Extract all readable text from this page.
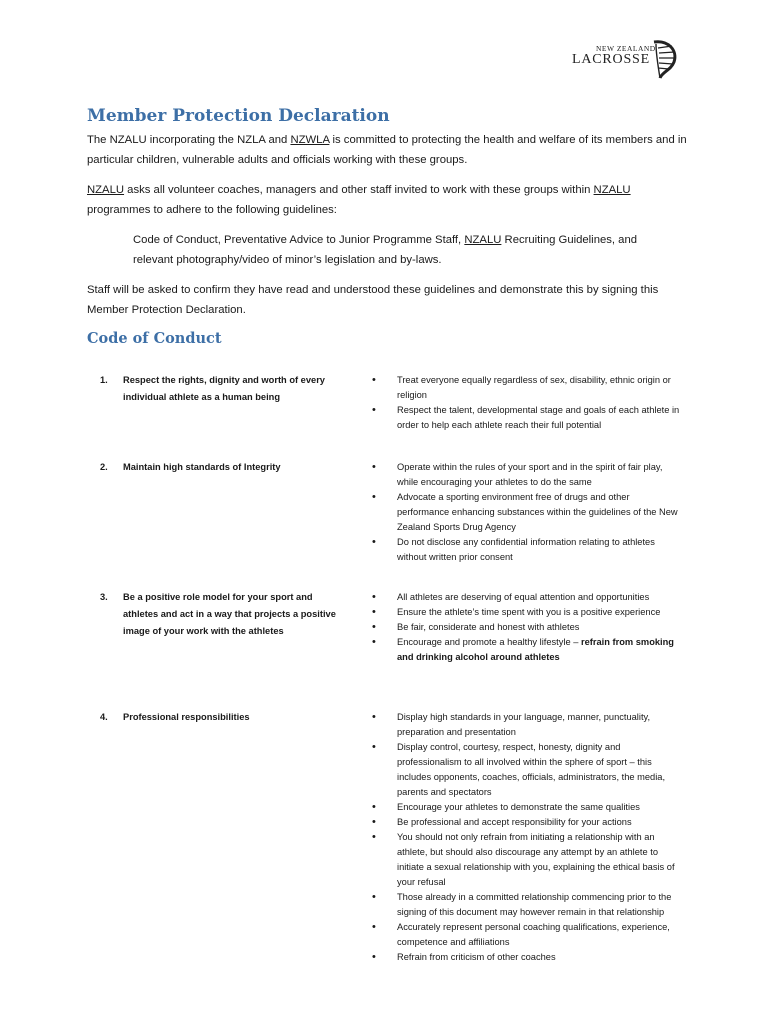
NEW ZEALAND
LACROSSE
Member Protection Declaration
The NZALU incorporating the NZLA and NZWLA is committed to protecting the health and welfare of its members and in particular children, vulnerable adults and officials working with these groups.
NZALU asks all volunteer coaches, managers and other staff invited to work with these groups within NZALU programmes to adhere to the following guidelines:
Code of Conduct, Preventative Advice to Junior Programme Staff, NZALU Recruiting Guidelines, and relevant photography/video of minor’s legislation and by-laws.
Staff will be asked to confirm they have read and understood these guidelines and demonstrate this by signing this Member Protection Declaration.
Code of Conduct
1. Respect the rights, dignity and worth of every individual athlete as a human being
• Treat everyone equally regardless of sex, disability, ethnic origin or religion
• Respect the talent, developmental stage and goals of each athlete in order to help each athlete reach their full potential
2. Maintain high standards of Integrity	• Operate within the rules of your sport and in the spirit of fair play, while encouraging your athletes to do the same
• Advocate a sporting environment free of drugs and other performance enhancing substances within the guidelines of the New Zealand Sports Drug Agency
• Do not disclose any confidential information relating to athletes without written prior consent
3. Be a positive role model for your sport and athletes and act in a way that projects a positive image of your work with the athletes
• All athletes are deserving of equal attention and opportunities
• Ensure the athlete’s time spent with you is a positive experience
• Be fair, considerate and honest with athletes
• Encourage and promote a healthy lifestyle – refrain from smoking and drinking alcohol around athletes
4. Professional responsibilities	• Display high standards in your language, manner, punctuality, preparation and presentation
• Display control, courtesy, respect, honesty, dignity and professionalism to all involved within the sphere of sport – this includes opponents, coaches, officials, administrators, the media, parents and spectators
• Encourage your athletes to demonstrate the same qualities
• Be professional and accept responsibility for your actions
• You should not only refrain from initiating a relationship with an athlete, but should also discourage any attempt by an athlete to initiate a sexual relationship with you, explaining the ethical basis of your refusal
• Those already in a committed relationship commencing prior to the signing of this document may however remain in that relationship
• Accurately represent personal coaching qualifications, experience, competence and affiliations
• Refrain from criticism of other coaches
